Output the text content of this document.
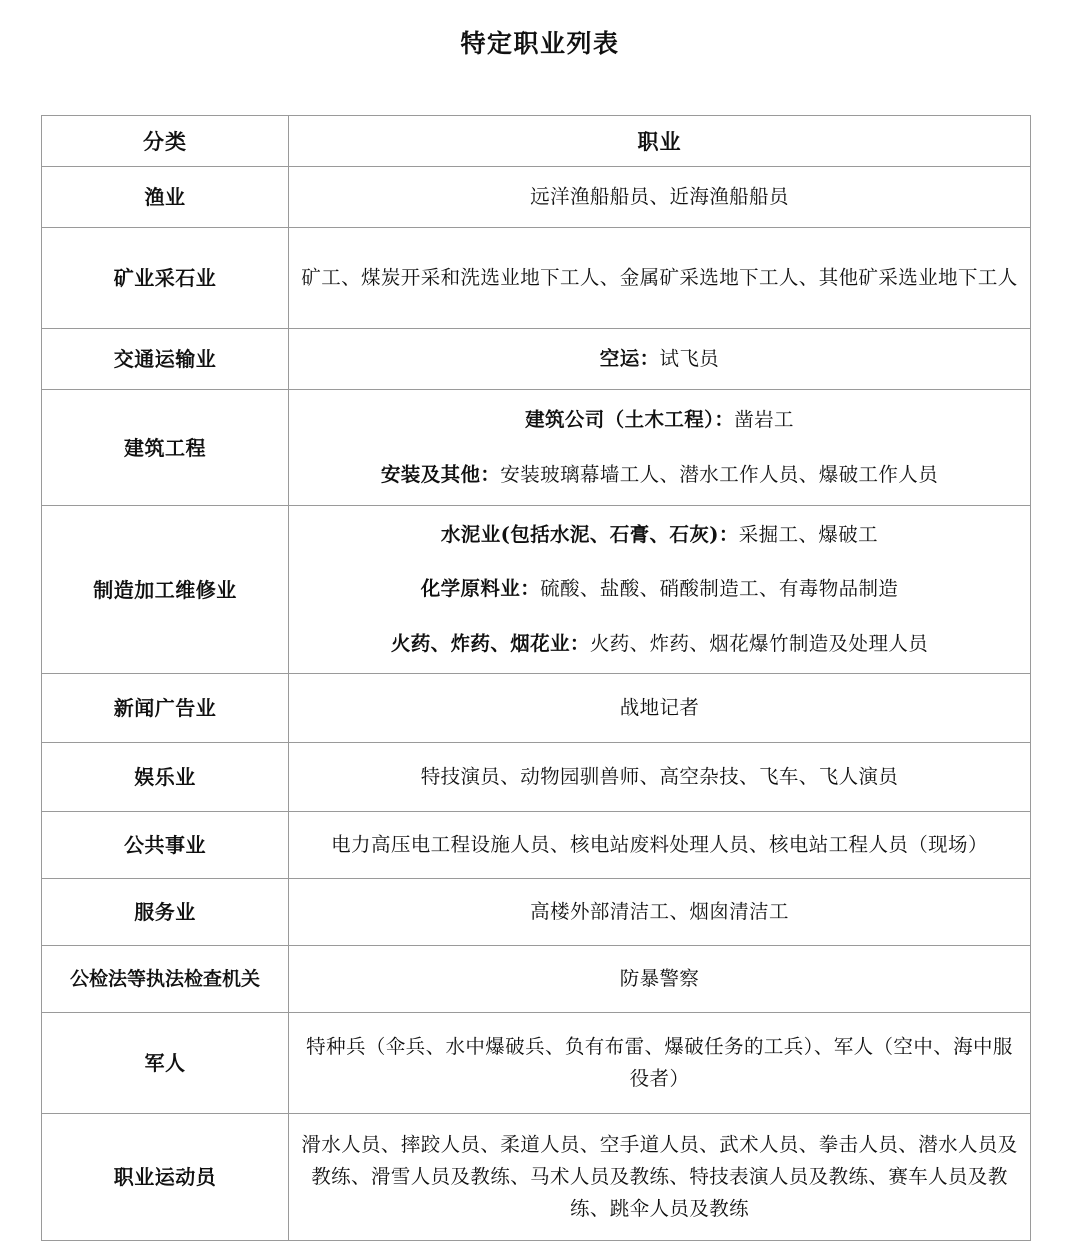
特定职业列表
分类	职业
渔业	远洋渔船船员、近海渔船船员

矿业采石业	矿工、煤炭开采和洗选业地下工人、金属矿采选地下工人、其他矿采选业地下工人

交通运输业	空运：试飞员

建筑工程	建筑公司（土木工程）：凿岩工
安装及其他：安装玻璃幕墙工人、潜水工作人员、爆破工作人员

制造加工维修业	水泥业(包括水泥、石膏、石灰)：采掘工、爆破工
化学原料业：硫酸、盐酸、硝酸制造工、有毒物品制造
火药、炸药、烟花业：火药、炸药、烟花爆竹制造及处理人员

新闻广告业	战地记者

娱乐业	特技演员、动物园驯兽师、高空杂技、飞车、飞人演员

公共事业	电力高压电工程设施人员、核电站废料处理人员、核电站工程人员（现场）

服务业	高楼外部清洁工、烟囱清洁工

公检法等执法检查机关	防暴警察

军人	特种兵（伞兵、水中爆破兵、负有布雷、爆破任务的工兵）、军人（空中、海中服役者）

职业运动员	滑水人员、摔跤人员、柔道人员、空手道人员、武术人员、拳击人员、潜水人员及教练、滑雪人员及教练、马术人员及教练、特技表演人员及教练、赛车人员及教练、跳伞人员及教练
